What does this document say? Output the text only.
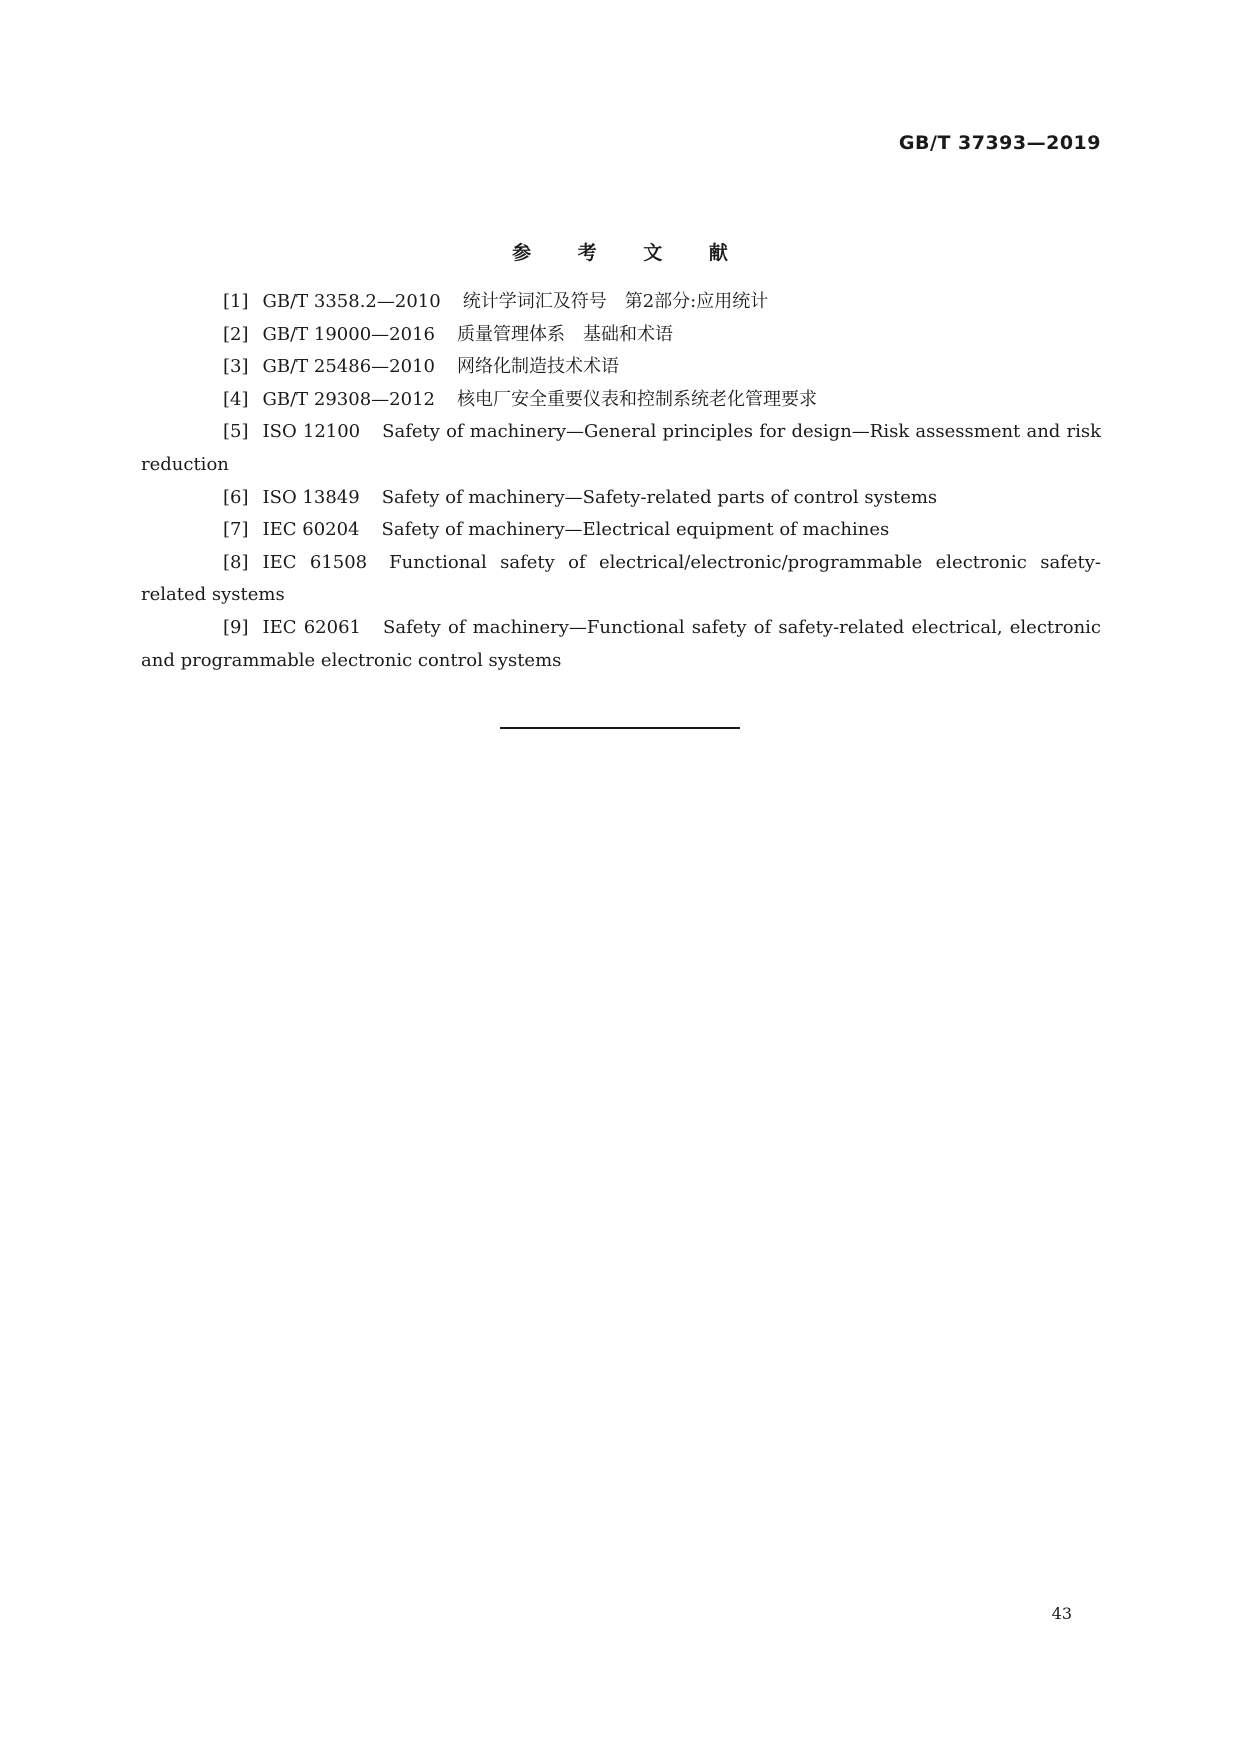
GB/T 37393—2019
参 考 文 献
[1] GB/T 3358.2—2010 统计学词汇及符号　第2部分:应用统计
[2] GB/T 19000—2016 质量管理体系　基础和术语
[3] GB/T 25486—2010 网络化制造技术术语
[4] GB/T 29308—2012 核电厂安全重要仪表和控制系统老化管理要求
[5] ISO 12100 Safety of machinery—General principles for design—Risk assessment and risk reduction
[6] ISO 13849 Safety of machinery—Safety-related parts of control systems
[7] IEC 60204 Safety of machinery—Electrical equipment of machines
[8] IEC 61508 Functional safety of electrical/electronic/programmable electronic safety-related systems
[9] IEC 62061 Safety of machinery—Functional safety of safety-related electrical, electronic and programmable electronic control systems
43
